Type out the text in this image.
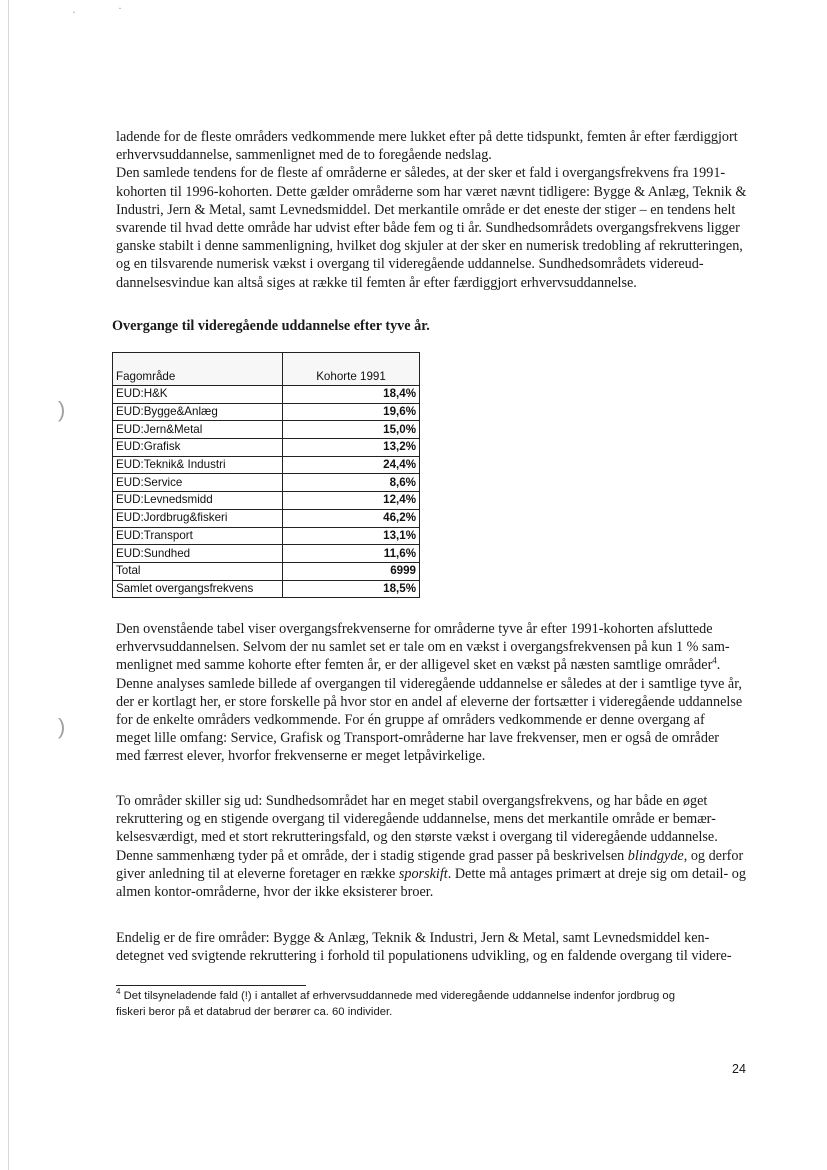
·	·
)
)

ladende for de fleste områders vedkommende mere lukket efter på dette tidspunkt, femten år efter færdiggjort

erhvervsuddannelse, sammenlignet med de to foregående nedslag.

Den samlede tendens for de fleste af områderne er således, at der sker et fald i overgangsfrekvens fra 1991-

kohorten til 1996-kohorten. Dette gælder områderne som har været nævnt tidligere: Bygge & Anlæg, Teknik &

Industri, Jern & Metal, samt Levnedsmiddel. Det merkantile område er det eneste der stiger – en tendens helt

svarende til hvad dette område har udvist efter både fem og ti år. Sundhedsområdets overgangsfrekvens ligger

ganske stabilt i denne sammenligning, hvilket dog skjuler at der sker en numerisk tredobling af rekrutteringen,

og en tilsvarende numerisk vækst i overgang til videregående uddannelse. Sundhedsområdets videreud-

dannelsesvindue kan altså siges at række til femten år efter færdiggjort erhvervsuddannelse.

Overgange til videregående uddannelse efter tyve år.

Fagområde	Kohorte 1991
EUD:H&K	18,4%
EUD:Bygge&Anlæg	19,6%
EUD:Jern&Metal	15,0%
EUD:Grafisk	13,2%
EUD:Teknik& Industri	24,4%
EUD:Service	8,6%
EUD:Levnedsmidd	12,4%
EUD:Jordbrug&fiskeri	46,2%
EUD:Transport	13,1%
EUD:Sundhed	11,6%
Total	6999
Samlet overgangsfrekvens	18,5%

Den ovenstående tabel viser overgangsfrekvenserne for områderne tyve år efter 1991-kohorten afsluttede

erhvervsuddannelsen. Selvom der nu samlet set er tale om en vækst i overgangsfrekvensen på kun 1 % sam-

menlignet med samme kohorte efter femten år, er der alligevel sket en vækst på næsten samtlige områder$^4$.

Denne analyses samlede billede af overgangen til videregående uddannelse er således at der i samtlige tyve år,

der er kortlagt her, er store forskelle på hvor stor en andel af eleverne der fortsætter i videregående uddannelse

for de enkelte områders vedkommende. For én gruppe af områders vedkommende er denne overgang af

meget lille omfang: Service, Grafisk og Transport-områderne har lave frekvenser, men er også de områder

med færrest elever, hvorfor frekvenserne er meget letpåvirkelige.

To områder skiller sig ud: Sundhedsområdet har en meget stabil overgangsfrekvens, og har både en øget

rekruttering og en stigende overgang til videregående uddannelse, mens det merkantile område er bemær-

kelsesværdigt, med et stort rekrutteringsfald, og den største vækst i overgang til videregående uddannelse.

Denne sammenhæng tyder på et område, der i stadig stigende grad passer på beskrivelsen blindgyde, og derfor

giver anledning til at eleverne foretager en række sporskift. Dette må antages primært at dreje sig om detail- og

almen kontor-områderne, hvor der ikke eksisterer broer.

Endelig er de fire områder: Bygge & Anlæg, Teknik & Industri, Jern & Metal, samt Levnedsmiddel ken-

detegnet ved svigtende rekruttering i forhold til populationens udvikling, og en faldende overgang til videre-

$^4$ Det tilsyneladende fald (!) i antallet af erhvervsuddannede med videregående uddannelse indenfor jordbrug og
fiskeri beror på et databrud der berører ca. 60 individer.
24
